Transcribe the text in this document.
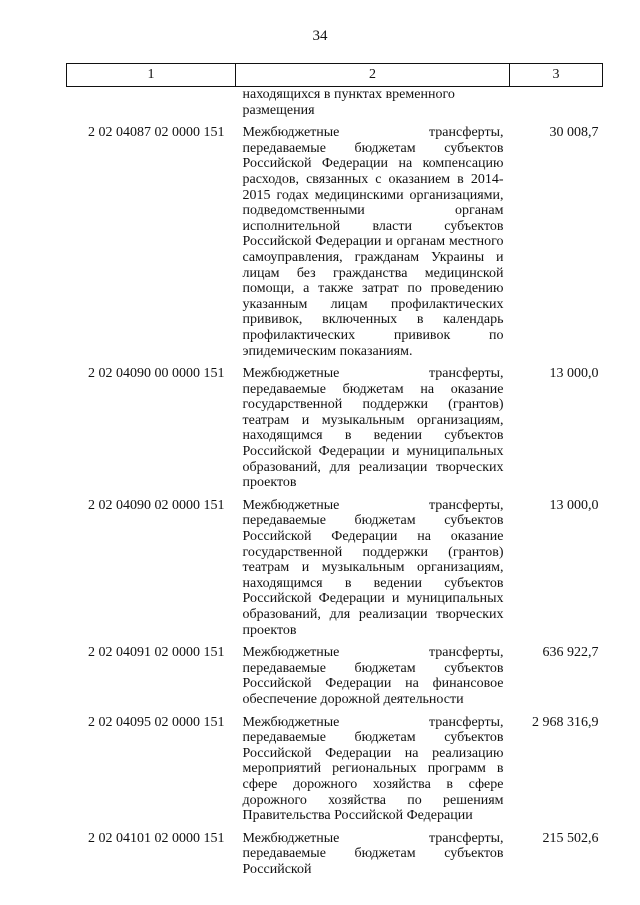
34
1	2	3
	находящихся в пунктах временного размещения	
2 02 04087 02 0000 151	Межбюджетные трансферты, передаваемые бюджетам субъектов Российской Федерации на компенсацию расходов, связанных с оказанием в 2014-2015 годах медицинскими организациями, подведомственными органам исполнительной власти субъектов Российской Федерации и органам местного самоуправления, гражданам Украины и лицам без гражданства медицинской помощи, а также затрат по проведению указанным лицам профилактических прививок, включенных в календарь профилактических прививок по эпидемическим показаниям.	30 008,7
2 02 04090 00 0000 151	Межбюджетные трансферты, передаваемые бюджетам на оказание государственной поддержки (грантов) театрам и музыкальным организациям, находящимся в ведении субъектов Российской Федерации и муниципальных образований, для реализации творческих проектов	13 000,0
2 02 04090 02 0000 151	Межбюджетные трансферты, передаваемые бюджетам субъектов Российской Федерации на оказание государственной поддержки (грантов) театрам и музыкальным организациям, находящимся в ведении субъектов Российской Федерации и муниципальных образований, для реализации творческих проектов	13 000,0
2 02 04091 02 0000 151	Межбюджетные трансферты, передаваемые бюджетам субъектов Российской Федерации на финансовое обеспечение дорожной деятельности	636 922,7
2 02 04095 02 0000 151	Межбюджетные трансферты, передаваемые бюджетам субъектов Российской Федерации на реализацию мероприятий региональных программ в сфере дорожного хозяйства в сфере дорожного хозяйства по решениям Правительства Российской Федерации	2 968 316,9
2 02 04101 02 0000 151	Межбюджетные трансферты, передаваемые бюджетам субъектов Российской	215 502,6
